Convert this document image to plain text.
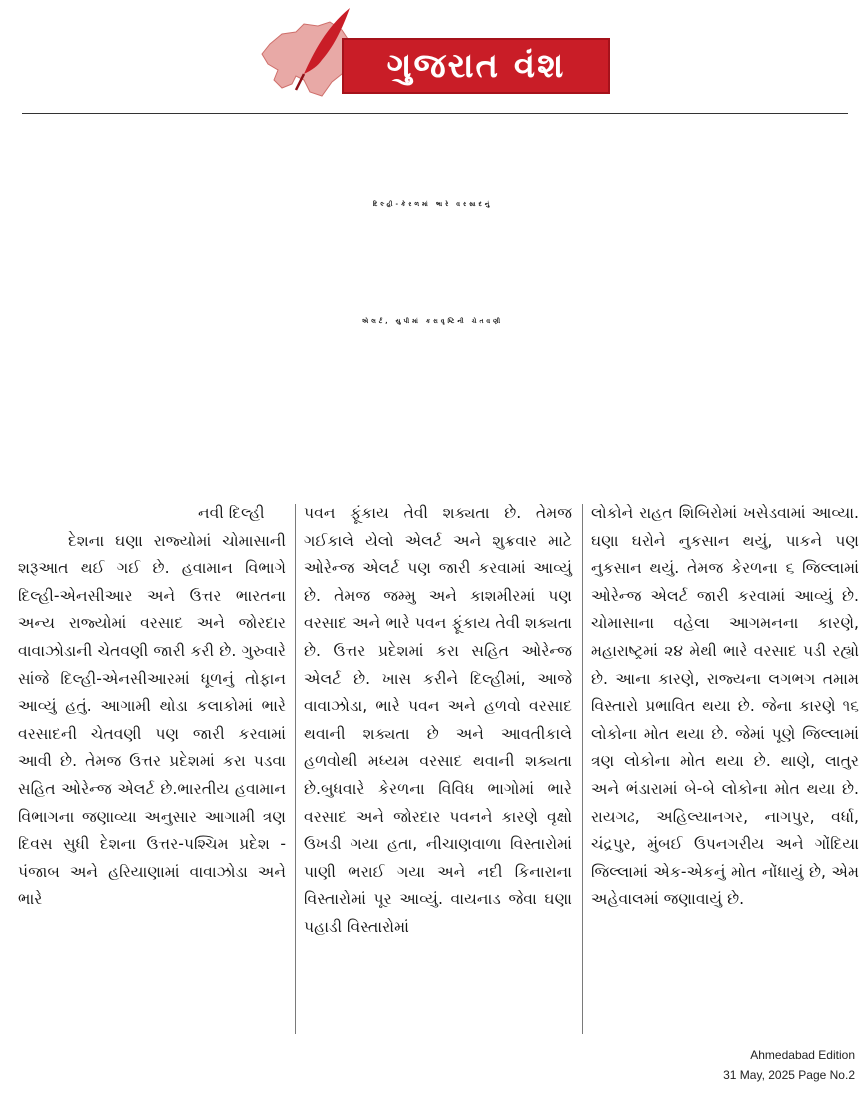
ગુજરાત વંશ
દિલ્હી-કેરળમાં ભારે વરસાદનું
એલર્ટ, યુપીમાં કરાવૃષ્ટિની ચેતવણી
નવી દિલ્હી

દેશના ઘણા રાજ્યોમાં ચોમાસાની શરૂઆત થઈ ગઈ છે. હવામાન વિભાગે દિલ્હી-એનસીઆર અને ઉત્તર ભારતના અન્ય રાજ્યોમાં વરસાદ અને જોરદાર વાવાઝોડાની ચેતવણી જારી કરી છે. ગુરુવારે સાંજે દિલ્હી-એનસીઆરમાં ધૂળનું તોફાન આવ્યું હતું. આગામી થોડા કલાકોમાં ભારે વરસાદની ચેતવણી પણ જારી કરવામાં આવી છે. તેમજ ઉત્તર પ્રદેશમાં કરા પડવા સહિત ઓરેન્જ એલર્ટ છે.ભારતીય હવામાન વિભાગના જણાવ્યા અનુસાર આગામી ત્રણ દિવસ સુધી દેશના ઉત્તર-પશ્ચિમ પ્રદેશ - પંજાબ અને હરિયાણામાં વાવાઝોડા અને ભારે

પવન ફૂંકાય તેવી શક્યતા છે. તેમજ ગઈકાલે યેલો એલર્ટ અને શુક્રવાર માટે ઓરેન્જ એલર્ટ પણ જારી કરવામાં આવ્યું છે. તેમજ જમ્મુ અને કાશમીરમાં પણ વરસાદ અને ભારે પવન ફૂંકાય તેવી શક્યતા છે. ઉત્તર પ્રદેશમાં કરા સહિત ઓરેન્જ એલર્ટ છે. ખાસ કરીને દિલ્હીમાં, આજે વાવાઝોડા, ભારે પવન અને હળવો વરસાદ થવાની શક્યતા છે અને આવતીકાલે હળવોથી મધ્યમ વરસાદ થવાની શક્યતા છે.બુધવારે કેરળના વિવિધ ભાગોમાં ભારે વરસાદ અને જોરદાર પવનને કારણે વૃક્ષો ઉખડી ગયા હતા, નીચાણવાળા વિસ્તારોમાં પાણી ભરાઈ ગયા અને નદી કિનારાના વિસ્તારોમાં પૂર આવ્યું. વાયનાડ જેવા ઘણા પહાડી વિસ્તારોમાં

લોકોને રાહત શિબિરોમાં ખસેડવામાં આવ્યા. ઘણા ઘરોને નુકસાન થયું, પાકને પણ નુકસાન થયું. તેમજ કેરળના ૬ જિલ્લામાં ઓરેન્જ એલર્ટ જારી કરવામાં આવ્યું છે. ચોમાસાના વહેલા આગમનના કારણે, મહારાષ્ટ્રમાં ૨૪ મેથી ભારે વરસાદ પડી રહ્યો છે. આના કારણે, રાજ્યના લગભગ તમામ વિસ્તારો પ્રભાવિત થયા છે. જેના કારણે ૧૬ લોકોના મોત થયા છે. જેમાં પૂણે જિલ્લામાં ત્રણ લોકોના મોત થયા છે. થાણે, લાતુર અને ભંડારામાં બે-બે લોકોના મોત થયા છે. રાયગઢ, અહિલ્યાનગર, નાગપુર, વર્ધા, ચંદ્રપુર, મુંબઈ ઉપનગરીય અને ગોંદિયા જિલ્લામાં એક-એકનું મોત નોંધાયું છે, એમ અહેવાલમાં જણાવાયું છે.

Ahmedabad Edition
31 May, 2025 Page No.2
